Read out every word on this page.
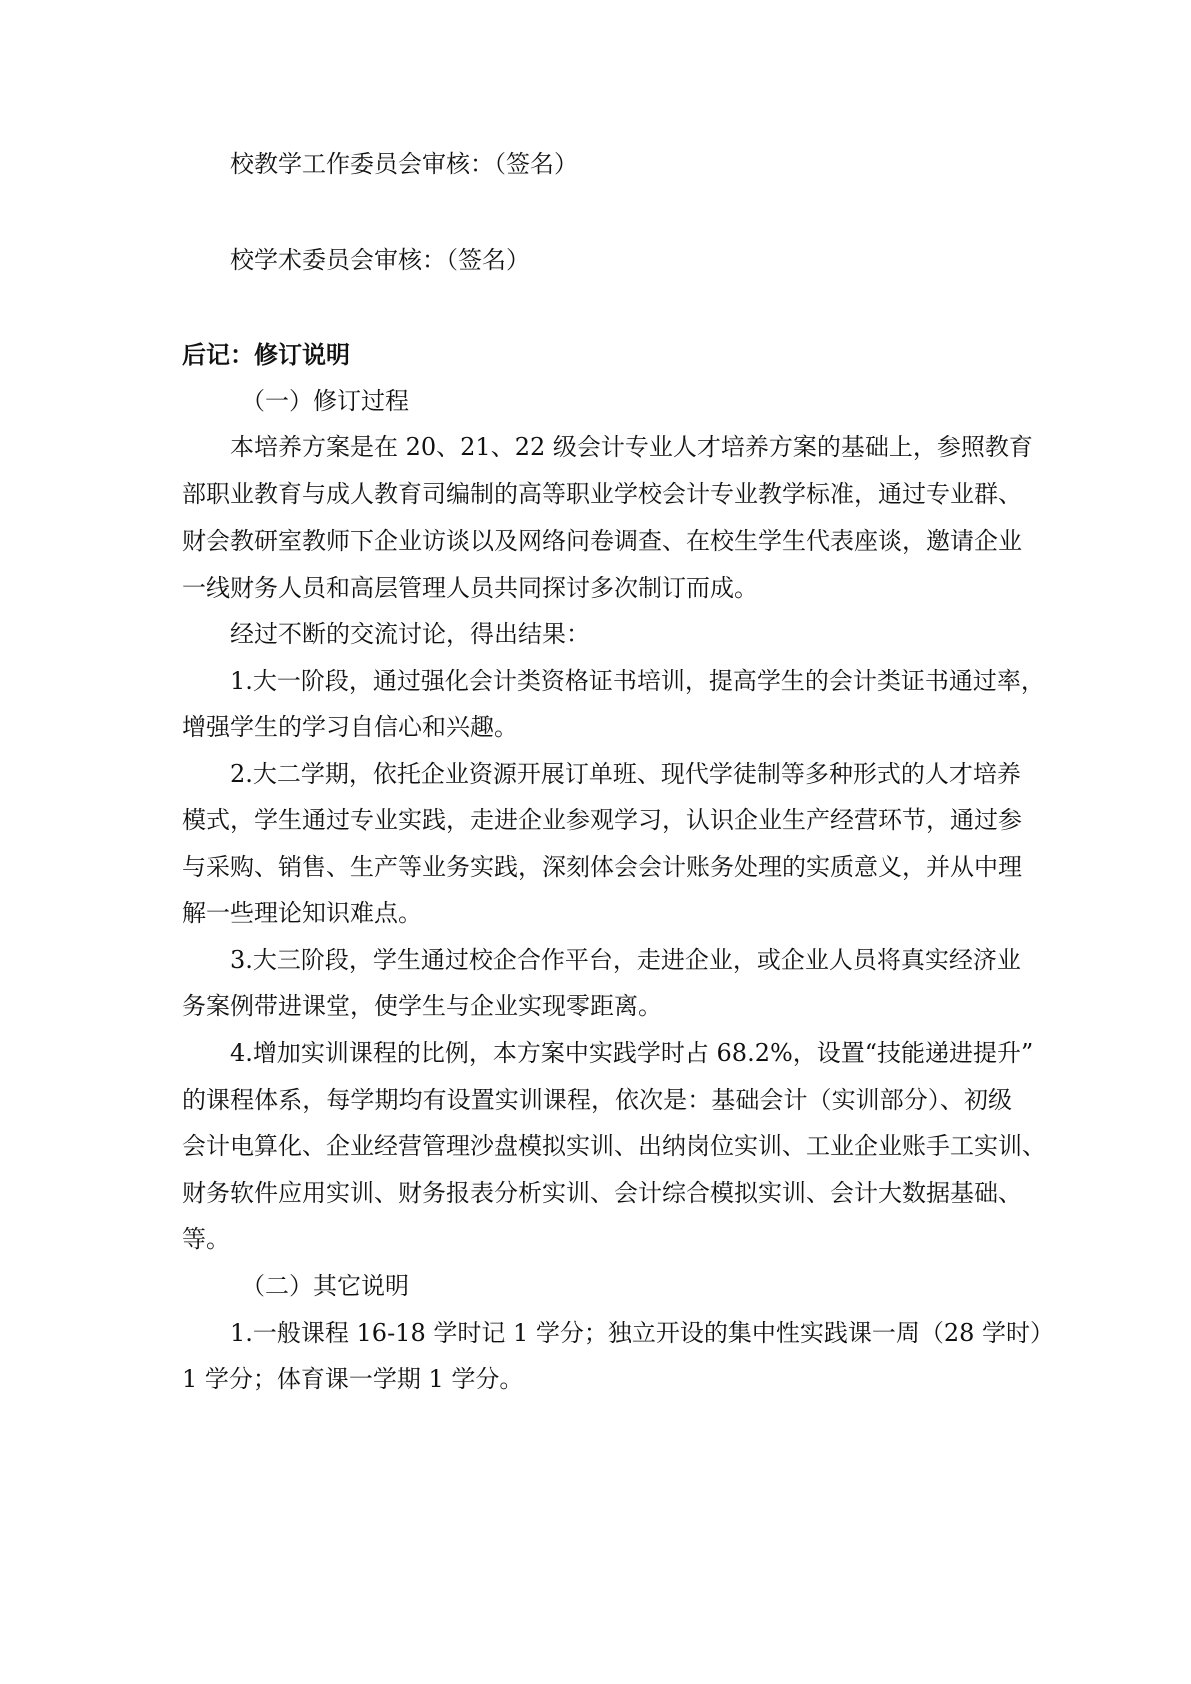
校教学工作委员会审核：（签名）

校学术委员会审核：（签名）

后记：修订说明

（一）修订过程

本培养方案是在 20、21、22 级会计专业人才培养方案的基础上，参照教育

部职业教育与成人教育司编制的高等职业学校会计专业教学标准，通过专业群、

财会教研室教师下企业访谈以及网络问卷调查、在校生学生代表座谈，邀请企业

一线财务人员和高层管理人员共同探讨多次制订而成。

经过不断的交流讨论，得出结果：

1.大一阶段，通过强化会计类资格证书培训，提高学生的会计类证书通过率，

增强学生的学习自信心和兴趣。

2.大二学期，依托企业资源开展订单班、现代学徒制等多种形式的人才培养

模式，学生通过专业实践，走进企业参观学习，认识企业生产经营环节，通过参

与采购、销售、生产等业务实践，深刻体会会计账务处理的实质意义，并从中理

解一些理论知识难点。

3.大三阶段，学生通过校企合作平台，走进企业，或企业人员将真实经济业

务案例带进课堂，使学生与企业实现零距离。

4.增加实训课程的比例，本方案中实践学时占 68.2%，设置“技能递进提升”

的课程体系，每学期均有设置实训课程，依次是：基础会计（实训部分）、初级

会计电算化、企业经营管理沙盘模拟实训、出纳岗位实训、工业企业账手工实训、

财务软件应用实训、财务报表分析实训、会计综合模拟实训、会计大数据基础、

等。

（二）其它说明

1.一般课程 16-18 学时记 1 学分；独立开设的集中性实践课一周（28 学时）

1 学分；体育课一学期 1 学分。
